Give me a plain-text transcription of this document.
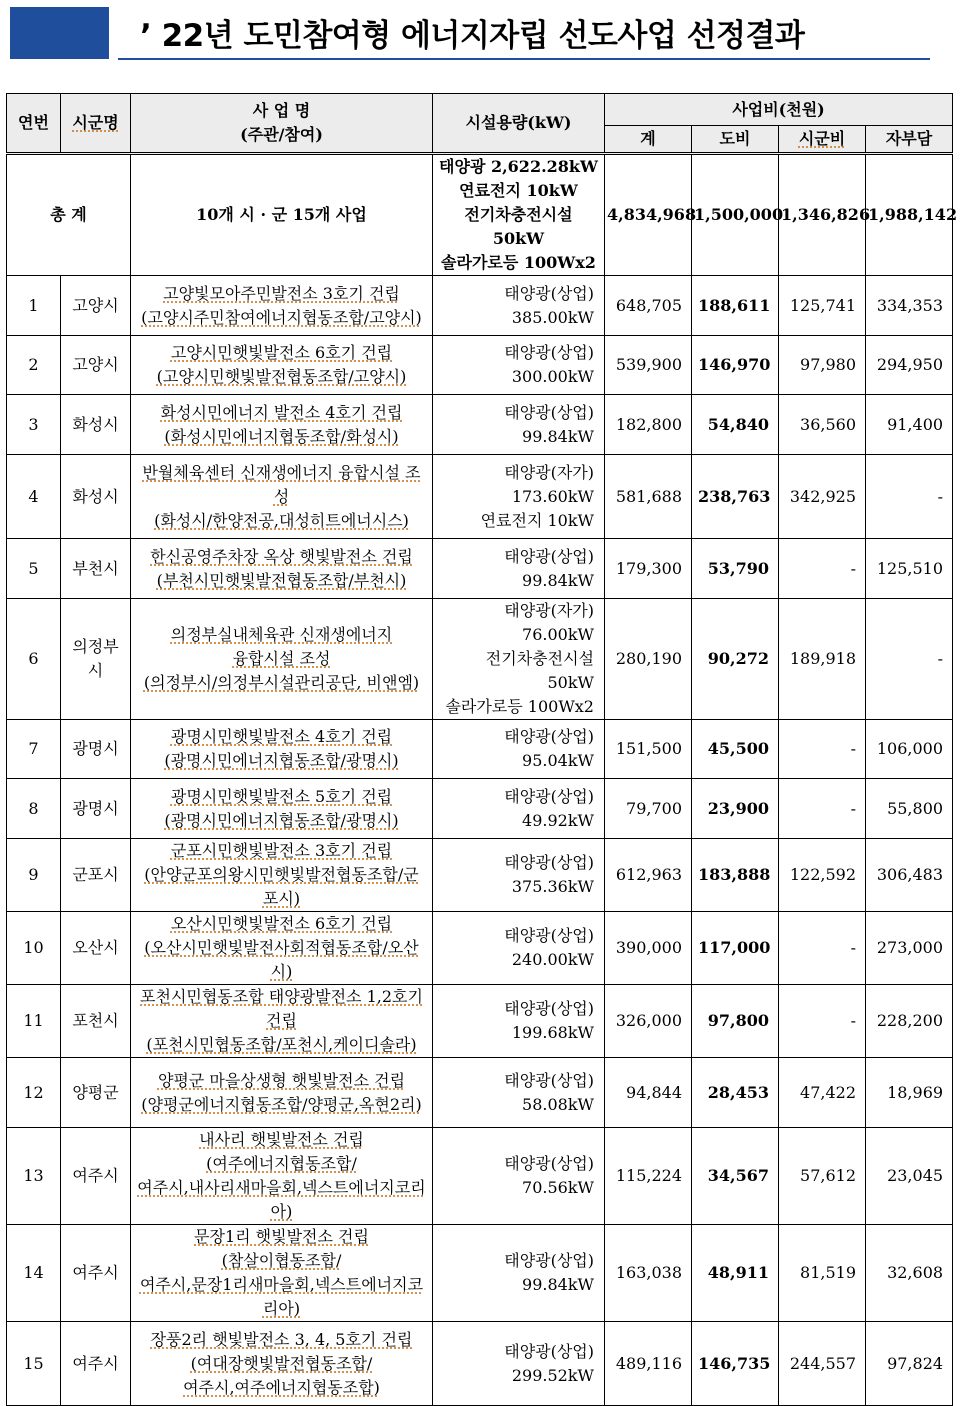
’ 22년 도민참여형 에너지자립 선도사업 선정결과
연번	시군명	사 업 명
(주관/참여)	시설용량(kW)	사업비(천원)			
				계	도비	시군비	자부담
총 계		10개 시 · 군 15개 사업	태양광 2,622.28kW
연료전지 10kW
전기차충전시설 50kW
솔라가로등 100Wx2	4,834,968	1,500,000	1,346,826	1,988,142
1	고양시	고양빛모아주민발전소 3호기 건립
(고양시주민참여에너지협동조합/고양시)	태양광(상업)
385.00kW	648,705	188,611	125,741	334,353
2	고양시	고양시민햇빛발전소 6호기 건립
(고양시민햇빛발전협동조합/고양시)	태양광(상업)
300.00kW	539,900	146,970	97,980	294,950
3	화성시	화성시민에너지 발전소 4호기 건립
(화성시민에너지협동조합/화성시)	태양광(상업)
99.84kW	182,800	54,840	36,560	91,400
4	화성시	반월체육센터 신재생에너지 융합시설 조성
(화성시/한양전공,대성히트에너시스)	태양광(자가)
173.60kW
연료전지 10kW	581,688	238,763	342,925	-
5	부천시	한신공영주차장 옥상 햇빛발전소 건립
(부천시민햇빛발전협동조합/부천시)	태양광(상업)
99.84kW	179,300	53,790	-	125,510
6	의정부시	의정부실내체육관 신재생에너지
융합시설 조성
(의정부시/의정부시설관리공단, 비앤엠)	태양광(자가)
76.00kW
전기차충전시설 50kW
솔라가로등 100Wx2	280,190	90,272	189,918	-
7	광명시	광명시민햇빛발전소 4호기 건립
(광명시민에너지협동조합/광명시)	태양광(상업)
95.04kW	151,500	45,500	-	106,000
8	광명시	광명시민햇빛발전소 5호기 건립
(광명시민에너지협동조합/광명시)	태양광(상업)
49.92kW	79,700	23,900	-	55,800
9	군포시	군포시민햇빛발전소 3호기 건립
(안양군포의왕시민햇빛발전협동조합/군포시)	태양광(상업)
375.36kW	612,963	183,888	122,592	306,483
10	오산시	오산시민햇빛발전소 6호기 건립
(오산시민햇빛발전사회적협동조합/오산시)	태양광(상업)
240.00kW	390,000	117,000	-	273,000
11	포천시	포천시민협동조합 태양광발전소 1,2호기 건립
(포천시민협동조합/포천시,케이디솔라)	태양광(상업)
199.68kW	326,000	97,800	-	228,200
12	양평군	양평군 마을상생형 햇빛발전소 건립
(양평군에너지협동조합/양평군,옥현2리)	태양광(상업)
58.08kW	94,844	28,453	47,422	18,969
13	여주시	내사리 햇빛발전소 건립
(여주에너지협동조합/
여주시,내사리새마을회,넥스트에너지코리아)	태양광(상업)
70.56kW	115,224	34,567	57,612	23,045
14	여주시	문장1리 햇빛발전소 건립
(참살이협동조합/
여주시,문장1리새마을회,넥스트에너지코리아)	태양광(상업)
99.84kW	163,038	48,911	81,519	32,608
15	여주시	장풍2리 햇빛발전소 3, 4, 5호기 건립
(여대장햇빛발전협동조합/
여주시,여주에너지협동조합)	태양광(상업)
299.52kW	489,116	146,735	244,557	97,824
